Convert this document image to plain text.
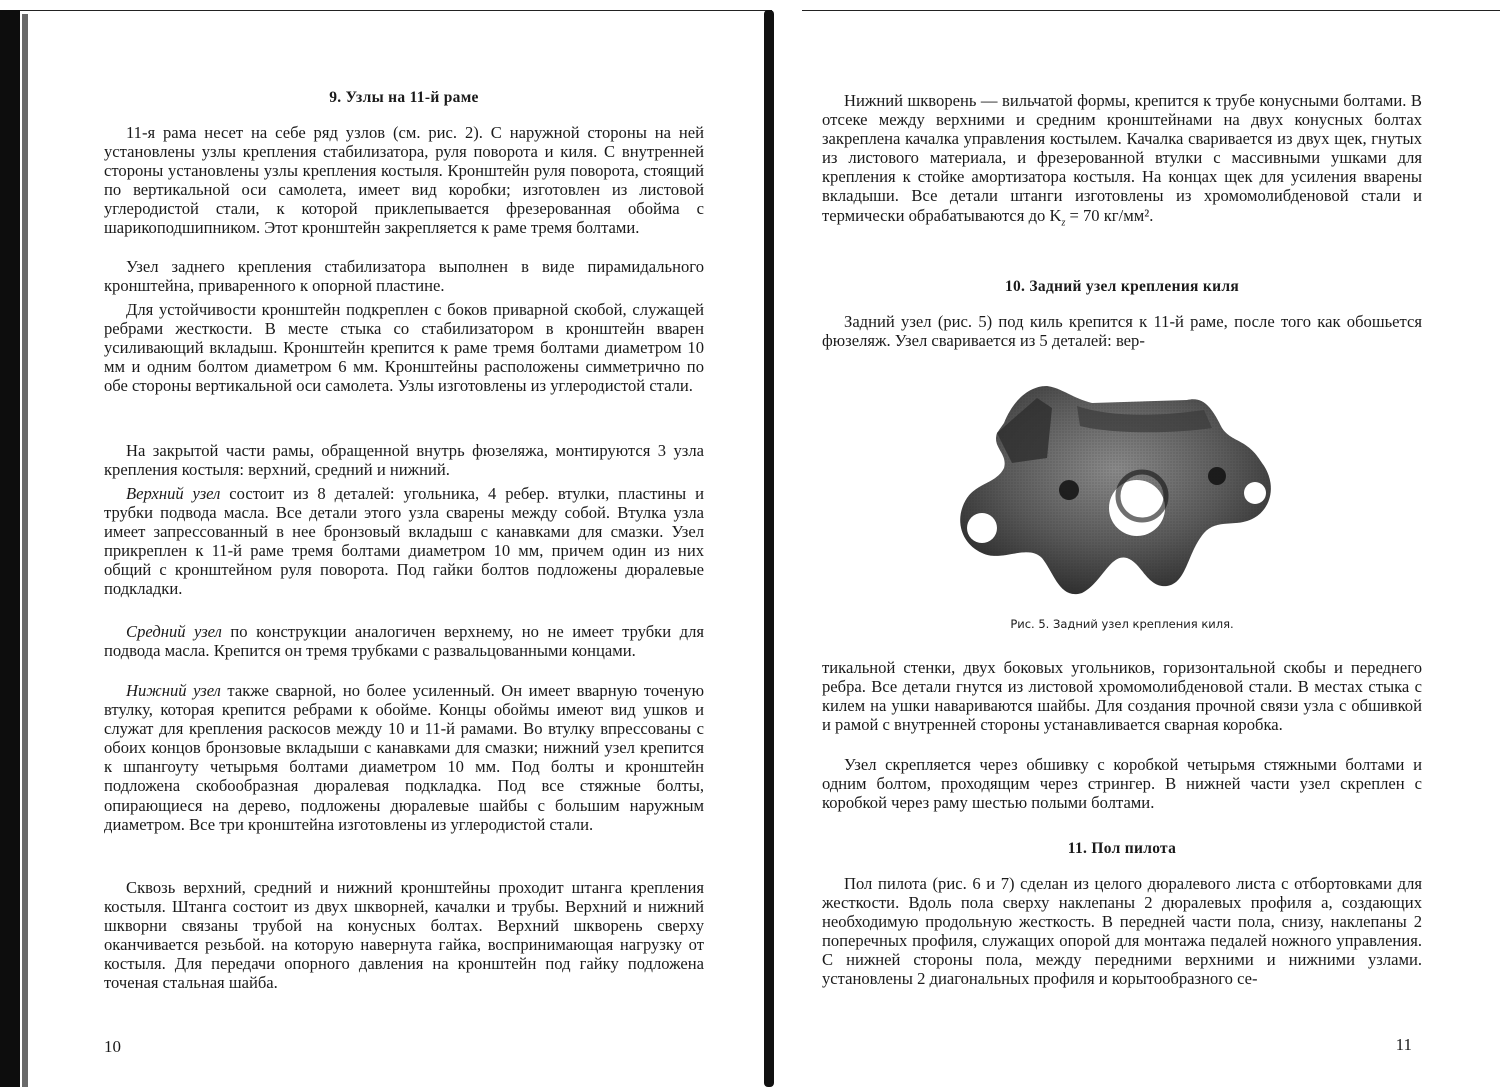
9. Узлы на 11-й раме

11-я рама несет на себе ряд узлов (см. рис. 2). С наружной стороны на ней установлены узлы крепления стабилизатора, руля поворота и киля. С внутренней стороны установлены узлы крепления костыля. Кронштейн руля поворота, стоящий по вертикальной оси самолета, имеет вид коробки; изготовлен из листовой углеродистой стали, к которой приклепывается фрезерованная обойма с шарикоподшипником. Этот кронштейн закрепляется к раме тремя болтами.

Узел заднего крепления стабилизатора выполнен в виде пирамидального кронштейна, приваренного к опорной пластине.

Для устойчивости кронштейн подкреплен с боков приварной скобой, служащей ребрами жесткости. В месте стыка со стабилизатором в кронштейн вварен усиливающий вкладыш. Кронштейн крепится к раме тремя болтами диаметром 10 мм и одним болтом диаметром 6 мм. Кронштейны расположены симметрично по обе стороны вертикальной оси самолета. Узлы изготовлены из углеродистой стали.

На закрытой части рамы, обращенной внутрь фюзеляжа, монтируются 3 узла крепления костыля: верхний, средний и нижний.

Верхний узел состоит из 8 деталей: угольника, 4 ребер. втулки, пластины и трубки подвода масла. Все детали этого узла сварены между собой. Втулка узла имеет запрессованный в нее бронзовый вкладыш с канавками для смазки. Узел прикреплен к 11-й раме тремя болтами диаметром 10 мм, причем один из них общий с кронштейном руля поворота. Под гайки болтов подложены дюралевые подкладки.

Средний узел по конструкции аналогичен верхнему, но не имеет трубки для подвода масла. Крепится он тремя трубками с развальцованными концами.

Нижний узел также сварной, но более усиленный. Он имеет вварную точеную втулку, которая крепится ребрами к обойме. Концы обоймы имеют вид ушков и служат для крепления раскосов между 10 и 11-й рамами. Во втулку впрессованы с обоих концов бронзовые вкладыши с канавками для смазки; нижний узел крепится к шпангоуту четырьмя болтами диаметром 10 мм. Под болты и кронштейн подложена скобообразная дюралевая подкладка. Под все стяжные болты, опирающиеся на дерево, подложены дюралевые шайбы с большим наружным диаметром. Все три кронштейна изготовлены из углеродистой стали.

Сквозь верхний, средний и нижний кронштейны проходит штанга крепления костыля. Штанга состоит из двух шкворней, качалки и трубы. Верхний и нижний шкворни связаны трубой на конусных болтах. Верхний шкворень сверху оканчивается резьбой. на которую навернута гайка, воспринимающая нагрузку от костыля. Для передачи опорного давления на кронштейн под гайку подложена точеная стальная шайба.

10

Нижний шкворень — вильчатой формы, крепится к трубе конусными болтами. В отсеке между верхними и средним кронштейнами на двух конусных болтах закреплена качалка управления костылем. Качалка сваривается из двух щек, гнутых из листового материала, и фрезерованной втулки с массивными ушками для крепления к стойке амортизатора костыля. На концах щек для усиления вварены вкладыши. Все детали штанги изготовлены из хромомолибденовой стали и термически обрабатываются до $K_z = 70$ кг/мм².

10. Задний узел крепления киля

Задний узел (рис. 5) под киль крепится к 11-й раме, после того как обошьется фюзеляж. Узел сваривается из 5 деталей: вер-

Рис. 5. Задний узел крепления киля.

тикальной стенки, двух боковых угольников, горизонтальной скобы и переднего ребра. Все детали гнутся из листовой хромомолибденовой стали. В местах стыка с килем на ушки навариваются шайбы. Для создания прочной связи узла с обшивкой и рамой с внутренней стороны устанавливается сварная коробка.

Узел скрепляется через обшивку с коробкой четырьмя стяжными болтами и одним болтом, проходящим через стрингер. В нижней части узел скреплен с коробкой через раму шестью полыми болтами.

11. Пол пилота

Пол пилота (рис. 6 и 7) сделан из целого дюралевого листа с отбортовками для жесткости. Вдоль пола сверху наклепаны 2 дюралевых профиля a, создающих необходимую продольную жесткость. В передней части пола, снизу, наклепаны 2 поперечных профиля, служащих опорой для монтажа педалей ножного управления. С нижней стороны пола, между передними верхними и нижними узлами. установлены 2 диагональных профиля и корытообразного се-

11
